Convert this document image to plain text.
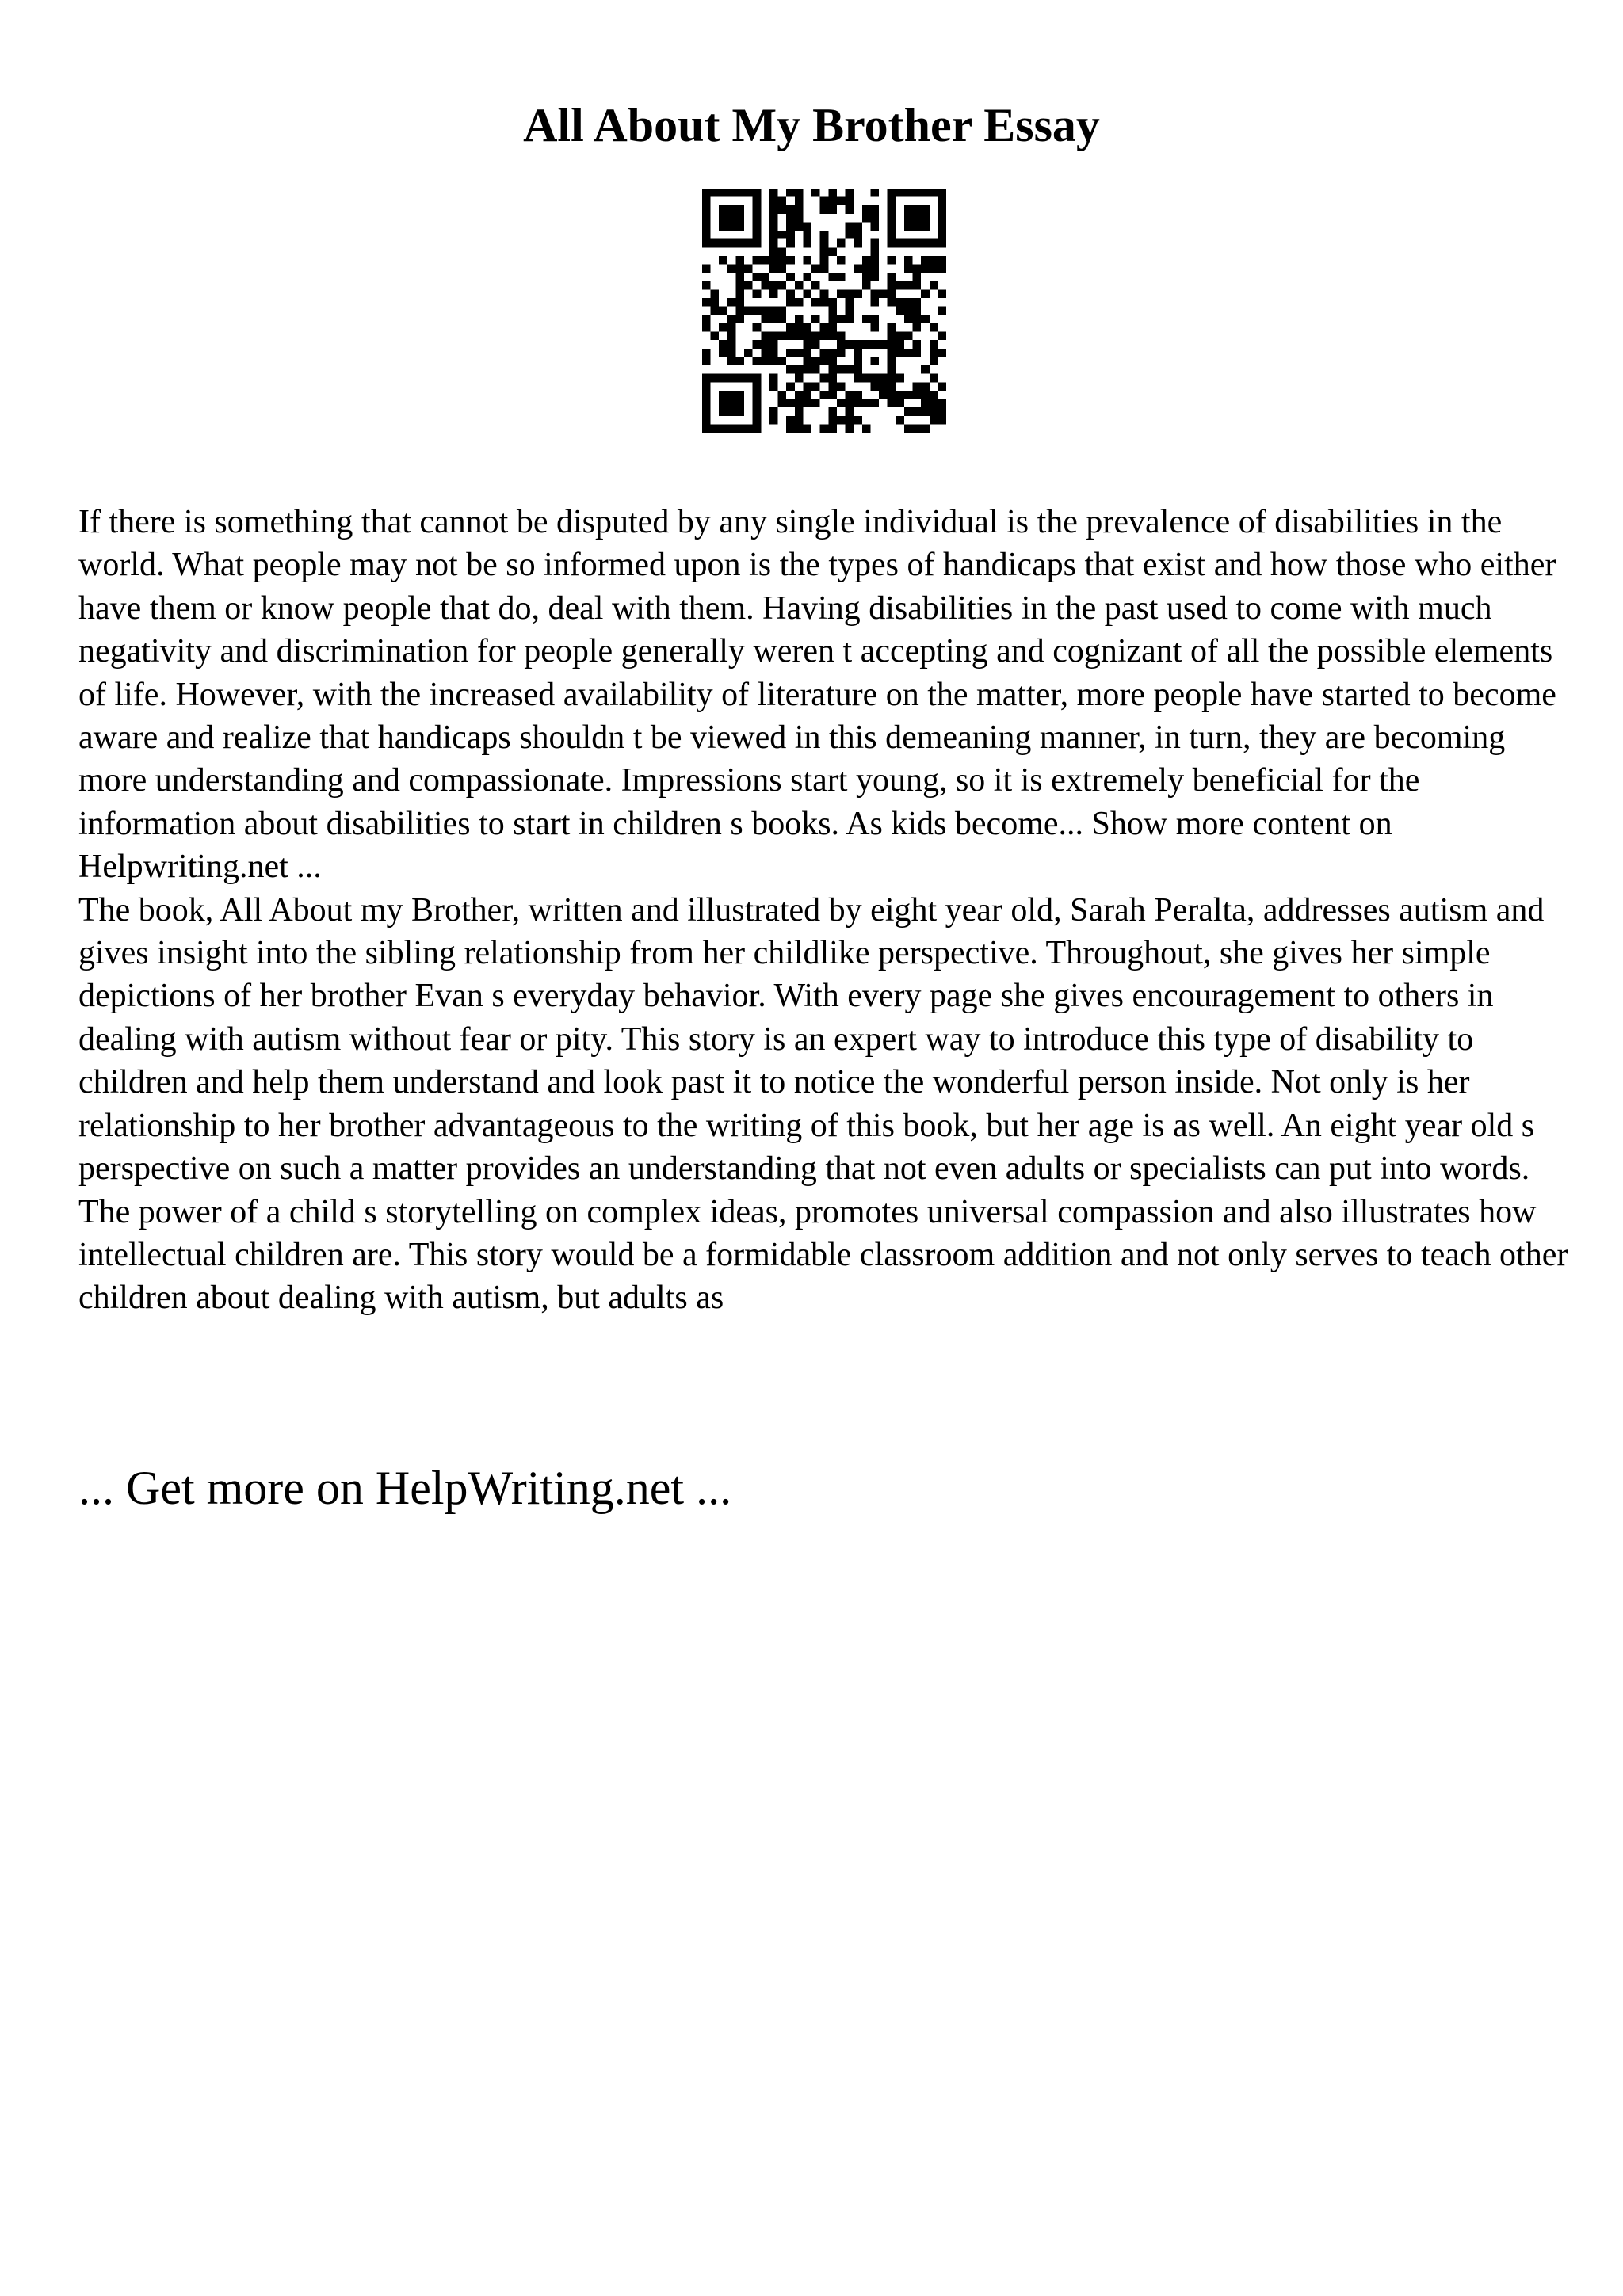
All About My Brother Essay

If there is something that cannot be disputed by any single individual is the prevalence of disabilities in the world. What people may not be so informed upon is the types of handicaps that exist and how those who either have them or know people that do, deal with them. Having disabilities in the past used to come with much negativity and discrimination for people generally weren t accepting and cognizant of all the possible elements of life. However, with the increased availability of literature on the matter, more people have started to become aware and realize that handicaps shouldn t be viewed in this demeaning manner, in turn, they are becoming more understanding and compassionate. Impressions start young, so it is extremely beneficial for the information about disabilities to start in children s books. As kids become... Show more content on Helpwriting.net ...

The book, All About my Brother, written and illustrated by eight year old, Sarah Peralta, addresses autism and gives insight into the sibling relationship from her childlike perspective. Throughout, she gives her simple depictions of her brother Evan s everyday behavior. With every page she gives encouragement to others in dealing with autism without fear or pity. This story is an expert way to introduce this type of disability to children and help them understand and look past it to notice the wonderful person inside. Not only is her relationship to her brother advantageous to the writing of this book, but her age is as well. An eight year old s perspective on such a matter provides an understanding that not even adults or specialists can put into words. The power of a child s storytelling on complex ideas, promotes universal compassion and also illustrates how intellectual children are. This story would be a formidable classroom addition and not only serves to teach other children about dealing with autism, but adults as

... Get more on HelpWriting.net ...
